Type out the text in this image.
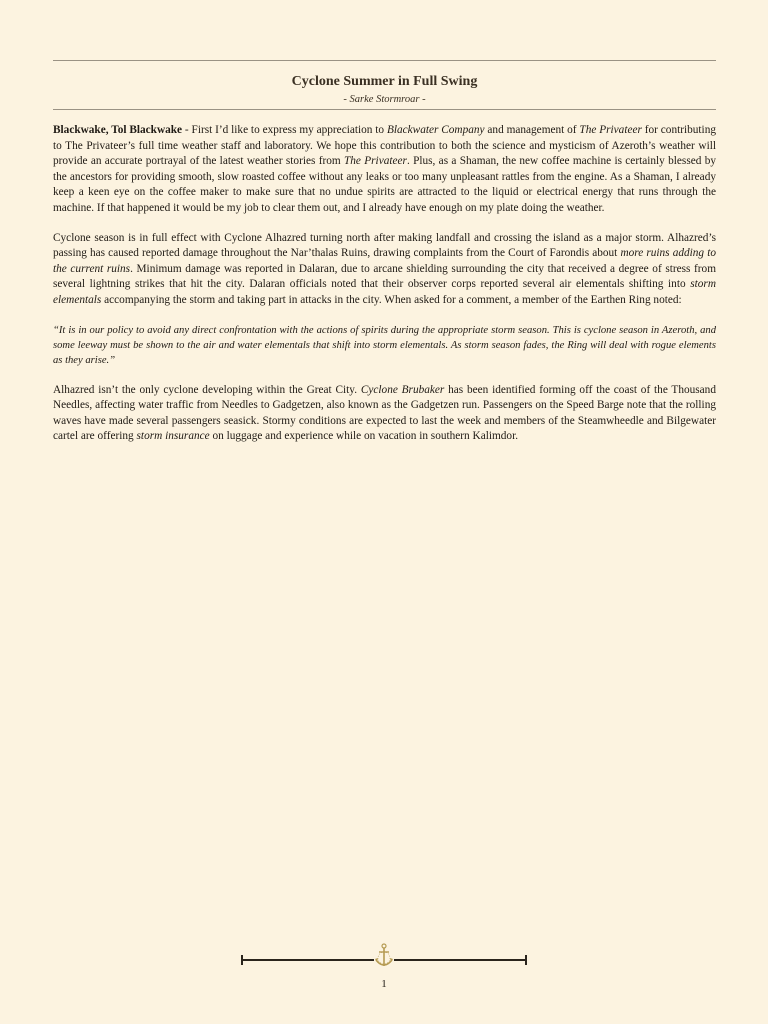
Cyclone Summer in Full Swing
- Sarke Stormroar -

Blackwake, Tol Blackwake - First I’d like to express my appreciation to Blackwater Company and management of The Privateer for contributing to The Privateer’s full time weather staff and laboratory. We hope this contribution to both the science and mysticism of Azeroth’s weather will provide an accurate portrayal of the latest weather stories from The Privateer. Plus, as a Shaman, the new coffee machine is certainly blessed by the ancestors for providing smooth, slow roasted coffee without any leaks or too many unpleasant rattles from the engine. As a Shaman, I already keep a keen eye on the coffee maker to make sure that no undue spirits are attracted to the liquid or electrical energy that runs through the machine. If that happened it would be my job to clear them out, and I already have enough on my plate doing the weather.

Cyclone season is in full effect with Cyclone Alhazred turning north after making landfall and crossing the island as a major storm. Alhazred’s passing has caused reported damage throughout the Nar’thalas Ruins, drawing complaints from the Court of Farondis about more ruins adding to the current ruins. Minimum damage was reported in Dalaran, due to arcane shielding surrounding the city that received a degree of stress from several lightning strikes that hit the city. Dalaran officials noted that their observer corps reported several air elementals shifting into storm elementals accompanying the storm and taking part in attacks in the city. When asked for a comment, a member of the Earthen Ring noted:

“It is in our policy to avoid any direct confrontation with the actions of spirits during the appropriate storm season. This is cyclone season in Azeroth, and some leeway must be shown to the air and water elementals that shift into storm elementals. As storm season fades, the Ring will deal with rogue elements as they arise.”

Alhazred isn’t the only cyclone developing within the Great City. Cyclone Brubaker has been identified forming off the coast of the Thousand Needles, affecting water traffic from Needles to Gadgetzen, also known as the Gadgetzen run. Passengers on the Speed Barge note that the rolling waves have made several passengers seasick. Stormy conditions are expected to last the week and members of the Steamwheedle and Bilgewater cartel are offering storm insurance on luggage and experience while on vacation in southern Kalimdor.

1
